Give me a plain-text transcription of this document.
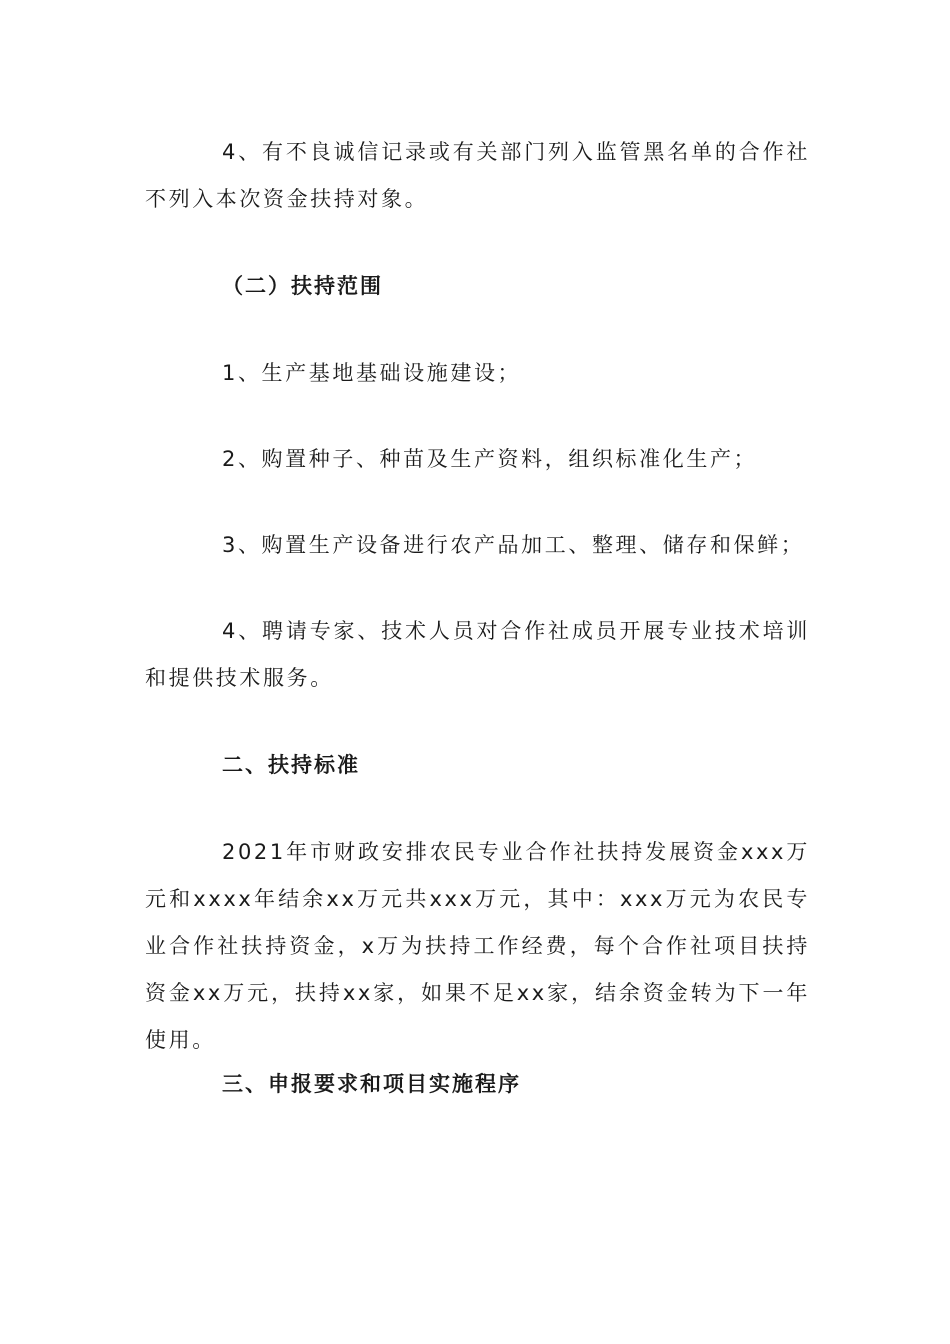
4、有不良诚信记录或有关部门列入监管黑名单的合作社不列入本次资金扶持对象。

（二）扶持范围

1、生产基地基础设施建设；

2、购置种子、种苗及生产资料，组织标准化生产；

3、购置生产设备进行农产品加工、整理、储存和保鲜；

4、聘请专家、技术人员对合作社成员开展专业技术培训和提供技术服务。

二、扶持标准

2021年市财政安排农民专业合作社扶持发展资金xxx万元和xxxx年结余xx万元共xxx万元，其中：xxx万元为农民专业合作社扶持资金，x万为扶持工作经费，每个合作社项目扶持资金xx万元，扶持xx家，如果不足xx家，结余资金转为下一年使用。

三、申报要求和项目实施程序
